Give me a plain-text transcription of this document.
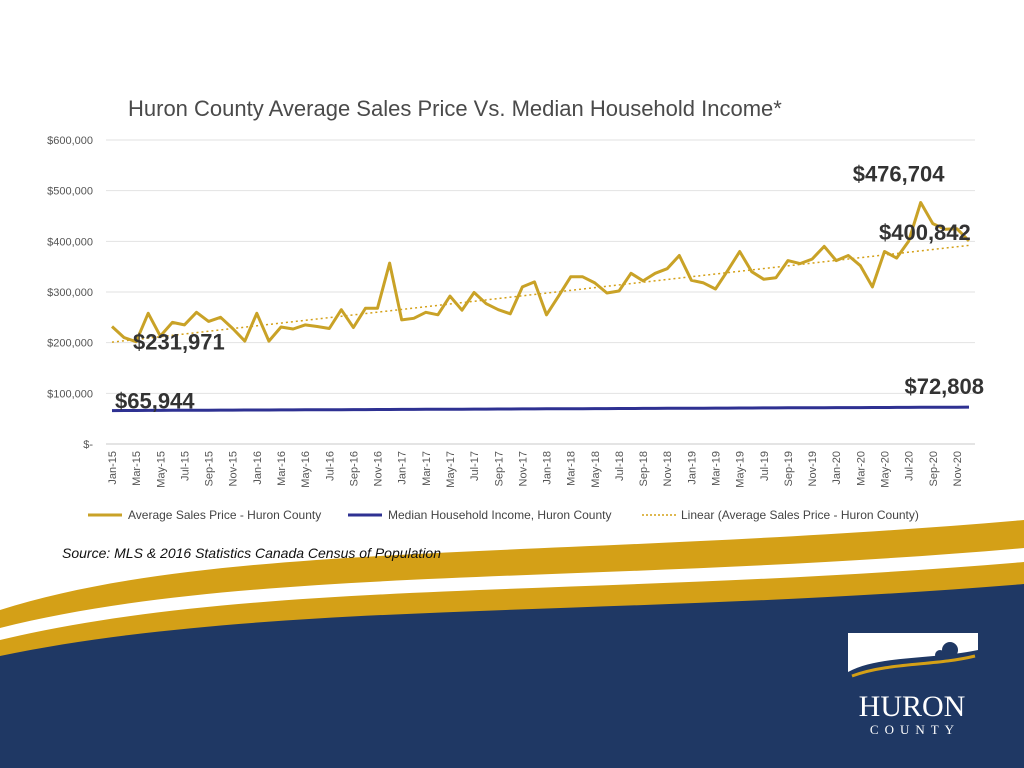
HURON
COUNTY
Huron County Average Sales Price Vs. Median Household Income*
$-
$100,000
$200,000
$300,000
$400,000
$500,000
$600,000
Jan-15 Mar-15 May-15 Jul-15 Sep-15 Nov-15 Jan-16 Mar-16 May-16 Jul-16 Sep-16 Nov-16 Jan-17 Mar-17 May-17 Jul-17 Sep-17 Nov-17 Jan-18 Mar-18 May-18 Jul-18 Sep-18 Nov-18 Jan-19 Mar-19 May-19 Jul-19 Sep-19 Nov-19 Jan-20 Mar-20 May-20 Jul-20 Sep-20 Nov-20
$476,704
$400,842
$231,971
$72,808
$65,944
Average Sales Price - Huron County	Median Household Income, Huron County	Linear (Average Sales Price - Huron County)
Source: MLS & 2016 Statistics Canada Census of Population
